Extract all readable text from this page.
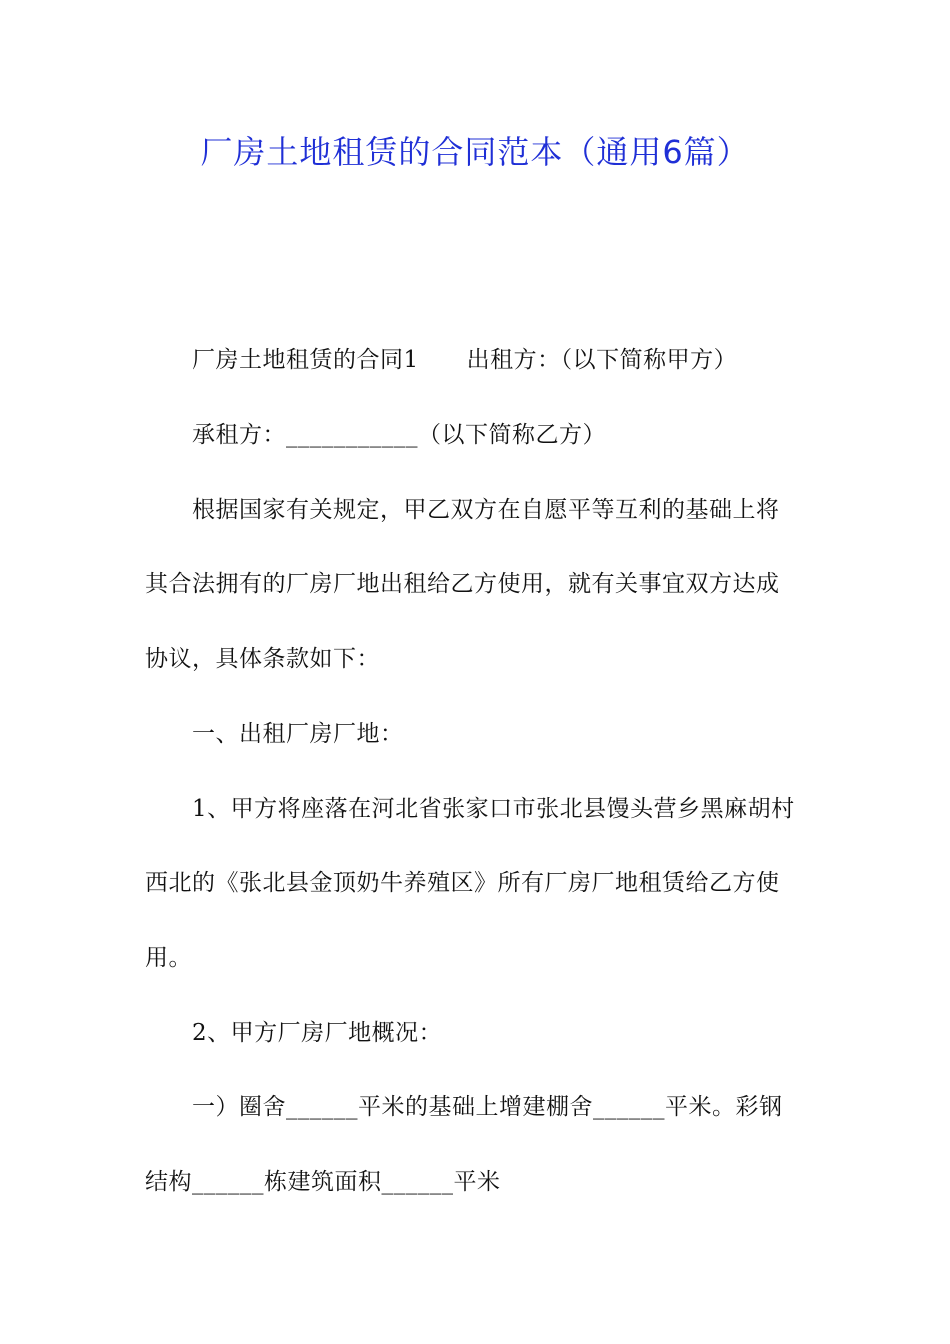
厂房土地租赁的合同范本（通用6篇）
厂房土地租赁的合同1 出租方：（以下简称甲方）
承租方：___________（以下简称乙方）
根据国家有关规定，甲乙双方在自愿平等互利的基础上将
其合法拥有的厂房厂地出租给乙方使用，就有关事宜双方达成
协议，具体条款如下：
一、出租厂房厂地：
1、甲方将座落在河北省张家口市张北县馒头营乡黑麻胡村
西北的《张北县金顶奶牛养殖区》所有厂房厂地租赁给乙方使
用。
2、甲方厂房厂地概况：
一）圈舍______平米的基础上增建棚舍______平米。彩钢
结构______栋建筑面积______平米
